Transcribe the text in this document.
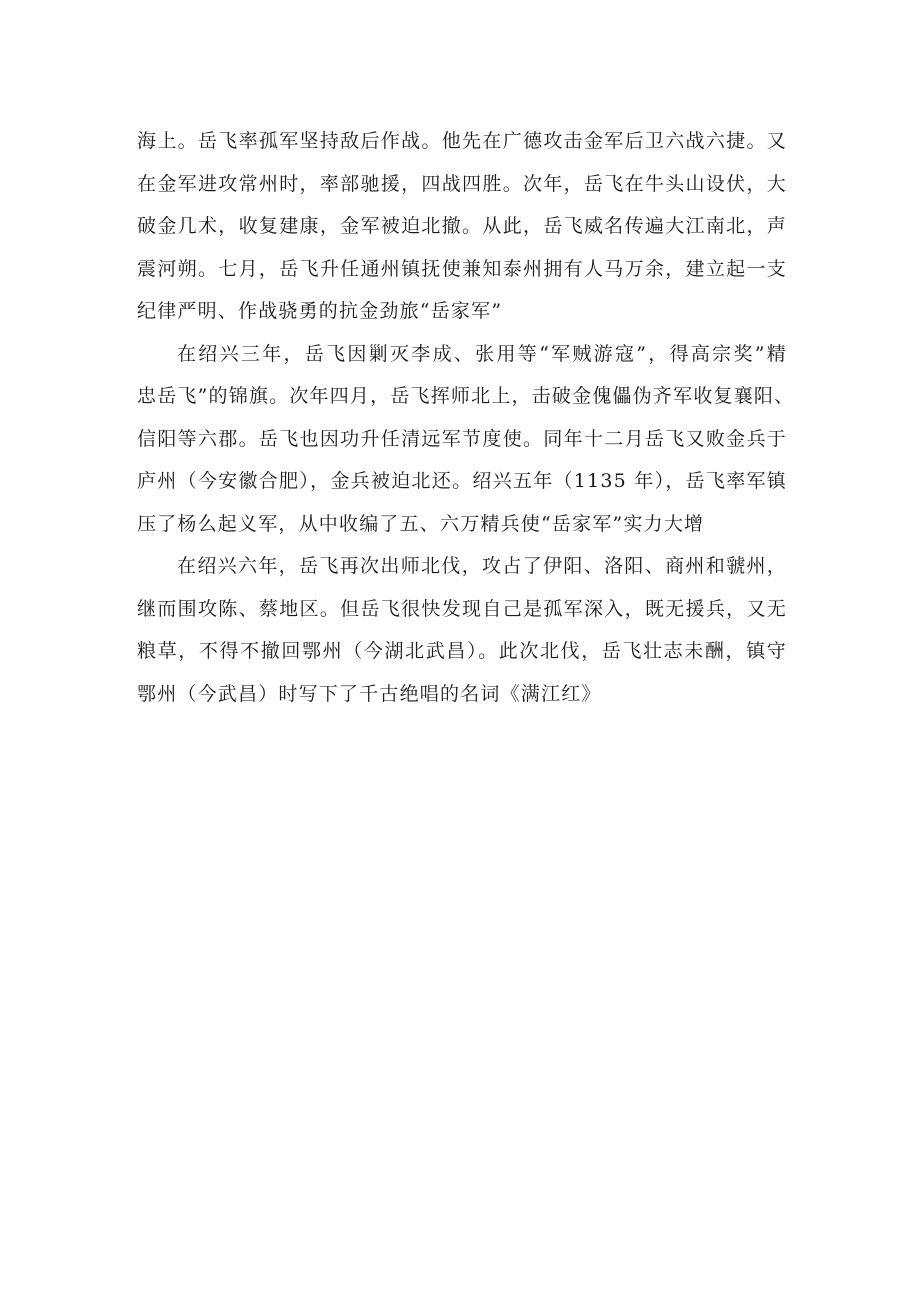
海上。岳飞率孤军坚持敌后作战。他先在广德攻击金军后卫六战六捷。又
在金军进攻常州时，率部驰援，四战四胜。次年，岳飞在牛头山设伏，大
破金几术，收复建康，金军被迫北撤。从此，岳飞威名传遍大江南北，声
震河朔。七月，岳飞升任通州镇抚使兼知泰州拥有人马万余，建立起一支
纪律严明、作战骁勇的抗金劲旅“岳家军”
在绍兴三年，岳飞因剿灭李成、张用等“军贼游寇”，得高宗奖”精
忠岳飞”的锦旗。次年四月，岳飞挥师北上，击破金傀儡伪齐军收复襄阳、
信阳等六郡。岳飞也因功升任清远军节度使。同年十二月岳飞又败金兵于
庐州（今安徽合肥），金兵被迫北还。绍兴五年（1135 年），岳飞率军镇
压了杨么起义军，从中收编了五、六万精兵使“岳家军”实力大增
在绍兴六年，岳飞再次出师北伐，攻占了伊阳、洛阳、商州和虢州，
继而围攻陈、蔡地区。但岳飞很快发现自己是孤军深入，既无援兵，又无
粮草，不得不撤回鄂州（今湖北武昌）。此次北伐，岳飞壮志未酬，镇守
鄂州（今武昌）时写下了千古绝唱的名词《满江红》
